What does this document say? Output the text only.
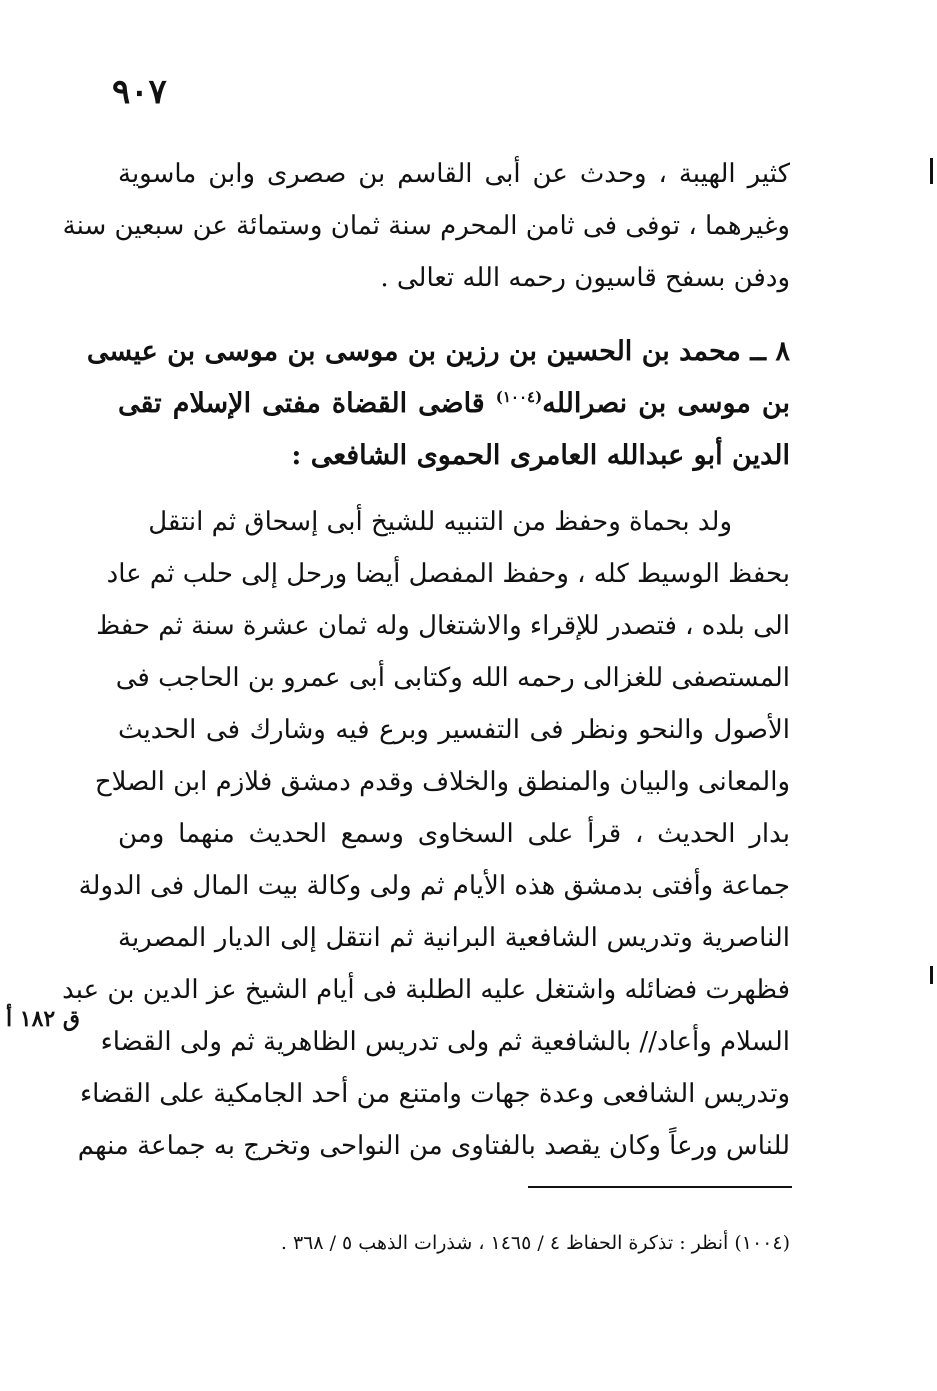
٩٠٧
كثير الهيبة ، وحدث عن أبى القاسم بن صصرى وابن ماسوية
وغيرهما ، توفى فى ثامن المحرم سنة ثمان وستمائة عن سبعين سنة
ودفن بسفح قاسيون رحمه الله تعالى .
٨ ــ محمد بن الحسين بن رزين بن موسى بن موسى بن عيسى
بن موسى بن نصرالله$^{(١٠٠٤)}$ قاضى القضاة مفتى الإسلام تقى
الدين أبو عبدالله العامرى الحموى الشافعى :
ولد بحماة وحفظ من التنبيه للشيخ أبى إسحاق ثم انتقل
بحفظ الوسيط كله ، وحفظ المفصل أيضا ورحل إلى حلب ثم عاد
الى بلده ، فتصدر للإقراء والاشتغال وله ثمان عشرة سنة ثم حفظ
المستصفى للغزالى رحمه الله وكتابى أبى عمرو بن الحاجب فى
الأصول والنحو ونظر فى التفسير وبرع فيه وشارك فى الحديث
والمعانى والبيان والمنطق والخلاف وقدم دمشق فلازم ابن الصلاح
بدار الحديث ، قرأ على السخاوى وسمع الحديث منهما ومن
جماعة وأفتى بدمشق هذه الأيام ثم ولى وكالة بيت المال فى الدولة
الناصرية وتدريس الشافعية البرانية ثم انتقل إلى الديار المصرية
فظهرت فضائله واشتغل عليه الطلبة فى أيام الشيخ عز الدين بن عبد
السلام وأعاد// بالشافعية ثم ولى تدريس الظاهرية ثم ولى القضاء
وتدريس الشافعى وعدة جهات وامتنع من أحد الجامكية على القضاء
للناس ورعاً وكان يقصد بالفتاوى من النواحى وتخرج به جماعة منهم
ق ١٨٢ أ
(١٠٠٤) أنظر : تذكرة الحفاظ ٤ / ١٤٦٥ ، شذرات الذهب ٥ / ٣٦٨ .
